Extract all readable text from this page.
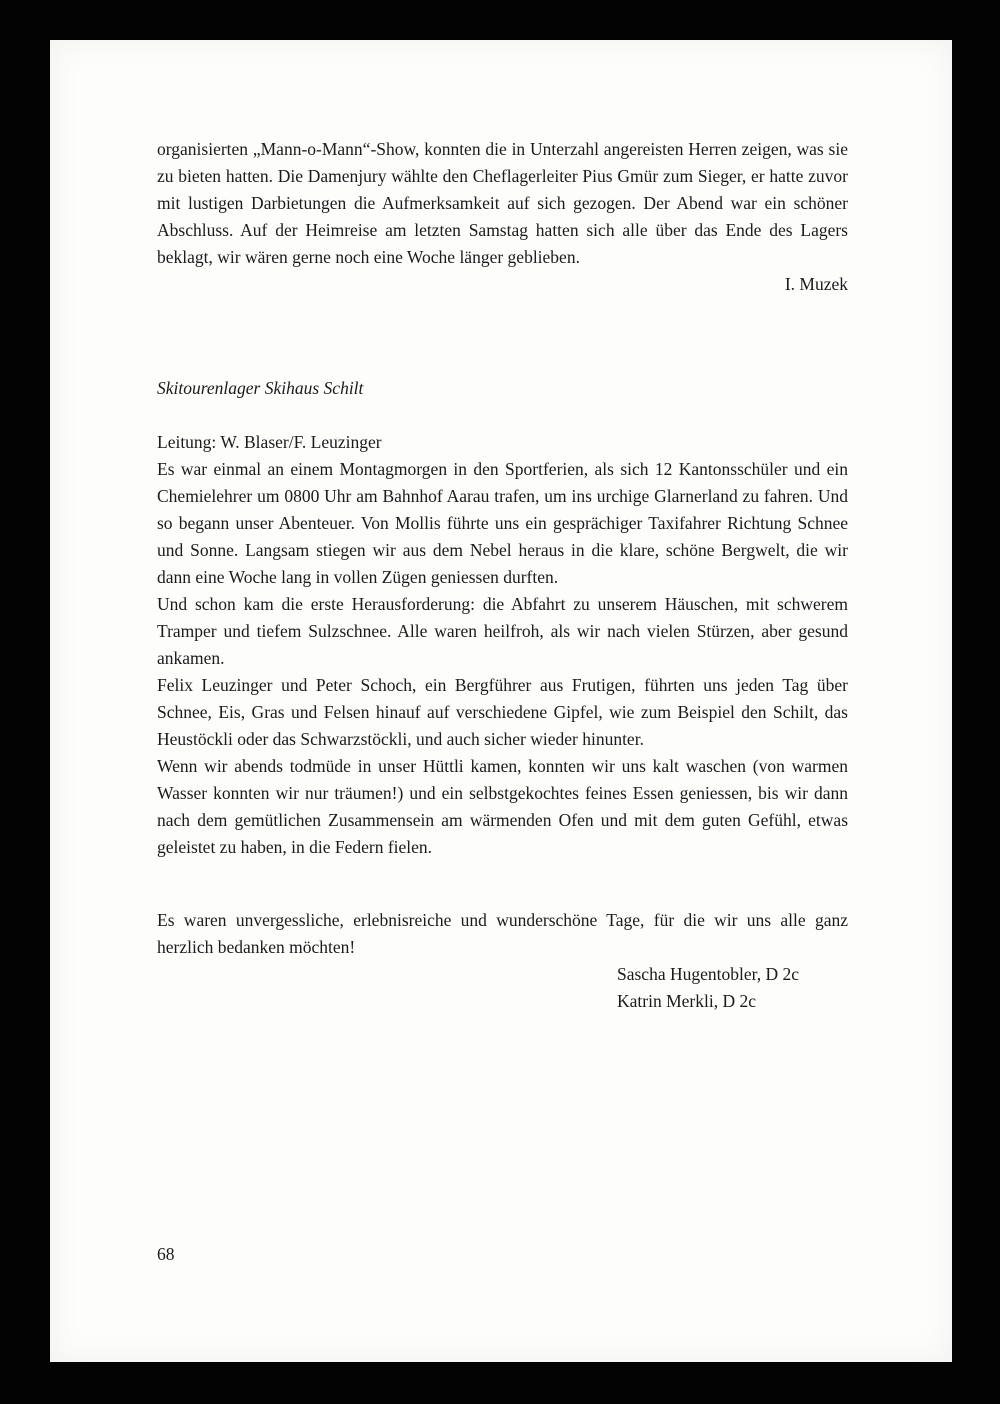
organisierten „Mann-o-Mann“-Show, konnten die in Unterzahl angereisten Herren zeigen, was sie zu bieten hatten. Die Damenjury wählte den Cheflagerleiter Pius Gmür zum Sieger, er hatte zuvor mit lustigen Darbietungen die Aufmerksamkeit auf sich gezogen. Der Abend war ein schöner Abschluss. Auf der Heimreise am letzten Samstag hatten sich alle über das Ende des Lagers beklagt, wir wären gerne noch eine Woche länger geblieben.

I. Muzek

Skitourenlager Skihaus Schilt

Leitung: W. Blaser/F. Leuzinger

Es war einmal an einem Montagmorgen in den Sportferien, als sich 12 Kantonsschüler und ein Chemielehrer um 0800 Uhr am Bahnhof Aarau trafen, um ins urchige Glarnerland zu fahren. Und so begann unser Abenteuer. Von Mollis führte uns ein gesprächiger Taxifahrer Richtung Schnee und Sonne. Langsam stiegen wir aus dem Nebel heraus in die klare, schöne Bergwelt, die wir dann eine Woche lang in vollen Zügen geniessen durften.

Und schon kam die erste Herausforderung: die Abfahrt zu unserem Häuschen, mit schwerem Tramper und tiefem Sulzschnee. Alle waren heilfroh, als wir nach vielen Stürzen, aber gesund ankamen.

Felix Leuzinger und Peter Schoch, ein Bergführer aus Frutigen, führten uns jeden Tag über Schnee, Eis, Gras und Felsen hinauf auf verschiedene Gipfel, wie zum Beispiel den Schilt, das Heustöckli oder das Schwarzstöckli, und auch sicher wieder hinunter.

Wenn wir abends todmüde in unser Hüttli kamen, konnten wir uns kalt waschen (von warmen Wasser konnten wir nur träumen!) und ein selbstgekochtes feines Essen geniessen, bis wir dann nach dem gemütlichen Zusammensein am wärmenden Ofen und mit dem guten Gefühl, etwas geleistet zu haben, in die Federn fielen.

Es waren unvergessliche, erlebnisreiche und wunderschöne Tage, für die wir uns alle ganz herzlich bedanken möchten!

Sascha Hugentobler, D 2c

Katrin Merkli, D 2c

68
